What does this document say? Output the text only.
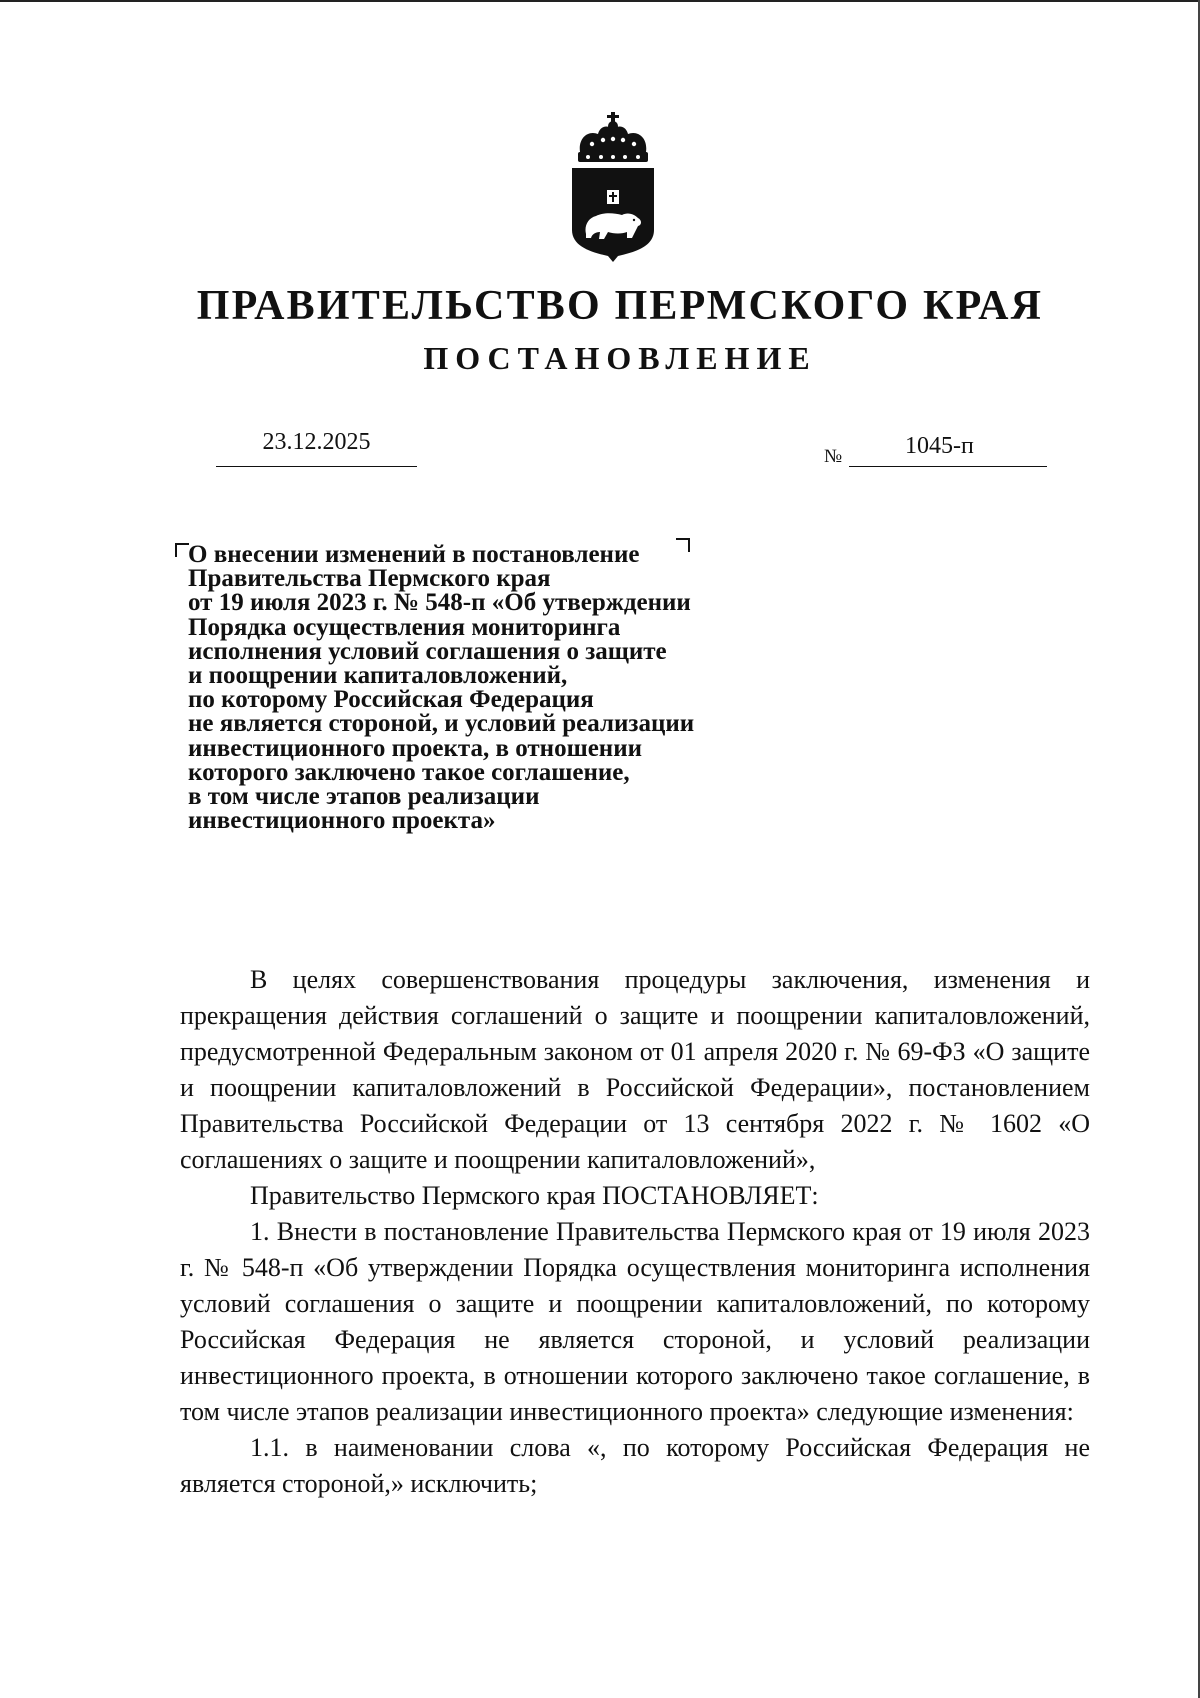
ПРАВИТЕЛЬСТВО ПЕРМСКОГО КРАЯ
ПОСТАНОВЛЕНИЕ
23.12.2025
№	1045-п
О внесении изменений в постановление
Правительства Пермского края
от 19 июля 2023 г. № 548-п «Об утверждении
Порядка осуществления мониторинга
исполнения условий соглашения о защите
и поощрении капиталовложений,
по которому Российская Федерация
не является стороной, и условий реализации
инвестиционного проекта, в отношении
которого заключено такое соглашение,
в том числе этапов реализации
инвестиционного проекта»

В целях совершенствования процедуры заключения, изменения и прекращения действия соглашений о защите и поощрении капиталовложений, предусмотренной Федеральным законом от 01 апреля 2020 г. № 69-ФЗ «О защите и поощрении капиталовложений в Российской Федерации», постановлением Правительства Российской Федерации от 13 сентября 2022 г. № 1602 «О соглашениях о защите и поощрении капиталовложений»,

Правительство Пермского края ПОСТАНОВЛЯЕТ:

1. Внести в постановление Правительства Пермского края от 19 июля 2023 г. № 548-п «Об утверждении Порядка осуществления мониторинга исполнения условий соглашения о защите и поощрении капиталовложений, по которому Российская Федерация не является стороной, и условий реализации инвестиционного проекта, в отношении которого заключено такое соглашение, в том числе этапов реализации инвестиционного проекта» следующие изменения:

1.1. в наименовании слова «, по которому Российская Федерация не является стороной,» исключить;
